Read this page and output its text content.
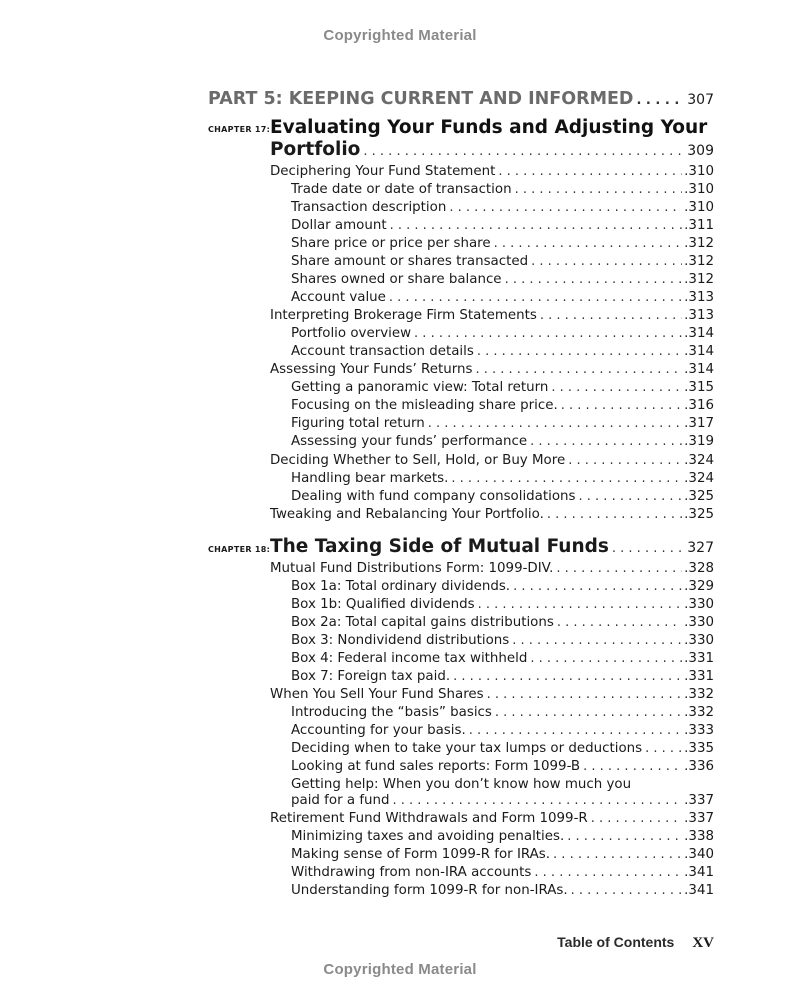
Copyrighted Material
PART 5: KEEPING CURRENT AND INFORMED . . .	307
CHAPTER 17: Evaluating Your Funds and Adjusting Your
Portfolio . . .	309
Deciphering Your Fund Statement . . .	.310
Trade date or date of transaction . . .	.310
Transaction description . . .	.310
Dollar amount . . .	.311
Share price or price per share . . .	.312
Share amount or shares transacted . . .	.312
Shares owned or share balance . . .	.312
Account value . . .	.313
Interpreting Brokerage Firm Statements . . .	.313
Portfolio overview . . .	.314
Account transaction details . . .	.314
Assessing Your Funds’ Returns . . .	.314
Getting a panoramic view: Total return . . .	.315
Focusing on the misleading share price. . . .	.316
Figuring total return . . .	.317
Assessing your funds’ performance . . .	.319
Deciding Whether to Sell, Hold, or Buy More . . .	.324
Handling bear markets. . . .	.324
Dealing with fund company consolidations . . .	.325
Tweaking and Rebalancing Your Portfolio. . . .	.325
CHAPTER 18: The Taxing Side of Mutual Funds . . .	327
Mutual Fund Distributions Form: 1099-DIV. . . .	.328
Box 1a: Total ordinary dividends. . . .	.329
Box 1b: Qualified dividends . . .	.330
Box 2a: Total capital gains distributions . . .	.330
Box 3: Nondividend distributions . . .	.330
Box 4: Federal income tax withheld . . .	.331
Box 7: Foreign tax paid. . . .	.331
When You Sell Your Fund Shares . . .	.332
Introducing the “basis” basics . . .	.332
Accounting for your basis. . . .	.333
Deciding when to take your tax lumps or deductions . . .	.335
Looking at fund sales reports: Form 1099-B . . .	.336
Getting help: When you don’t know how much you
paid for a fund . . .	.337
Retirement Fund Withdrawals and Form 1099-R . . .	.337
Minimizing taxes and avoiding penalties. . . .	.338
Making sense of Form 1099-R for IRAs. . . .	.340
Withdrawing from non-IRA accounts . . .	.341
Understanding form 1099-R for non-IRAs. . . .	.341
Table of Contents XV
Copyrighted Material
